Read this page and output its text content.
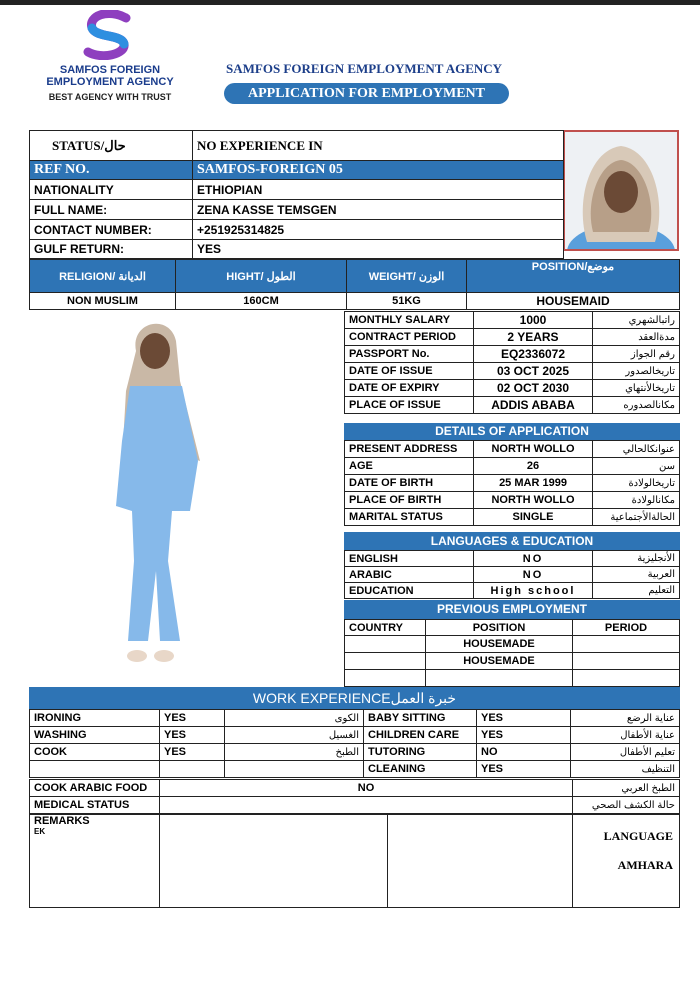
SAMFOS FOREIGN
EMPLOYMENT AGENCY
BEST AGENCY WITH TRUST
SAMFOS FOREIGN EMPLOYMENT AGENCY
APPLICATION FOR EMPLOYMENT
STATUS/حال	NO EXPERIENCE IN
REF NO.	SAMFOS-FOREIGN 05
NATIONALITY	ETHIOPIAN
FULL NAME:	ZENA KASSE TEMSGEN
CONTACT NUMBER:	+251925314825
GULF RETURN:	YES
RELIGION/ الديانة	HIGHT/ الطول	WEIGHT/ الوزن	POSITION/موضع
NON MUSLIM	160CM	51KG	HOUSEMAID
MONTHLY SALARY	1000	راتبالشهري
CONTRACT PERIOD	2 YEARS	مدةالعقد
PASSPORT No.	EQ2336072	رقم الجواز
DATE OF ISSUE	03 OCT 2025	تاريخالصدور
DATE OF EXPIRY	02 OCT 2030	تاريخالأنتهاي
PLACE OF ISSUE	ADDIS ABABA	مكانالصدوره
DETAILS OF APPLICATION
PRESENT ADDRESS	NORTH WOLLO	عنوانكالحالي
AGE	26	سن
DATE OF BIRTH	25 MAR 1999	تاريخالولادة
PLACE OF BIRTH	NORTH WOLLO	مكانالولادة
MARITAL STATUS	SINGLE	الحالةالأجتماعية
LANGUAGES & EDUCATION
ENGLISH	NO	الأنجليزية
ARABIC	NO	العربية
EDUCATION	High school	التعليم
PREVIOUS EMPLOYMENT
COUNTRY	POSITION	PERIOD
	HOUSEMADE	
	HOUSEMADE	

WORK EXPERIENCEخبرة العمل
IRONING	YES	الكوى	BABY SITTING	YES	عناية الرضع
WASHING	YES	الغسيل	CHILDREN CARE	YES	عناية الأطفال
COOK	YES	الطبخ	TUTORING	NO	تعليم الأطفال
			CLEANING	YES	التنظيف
COOK ARABIC FOOD	NO	الطبخ العربي
MEDICAL STATUS		حالة الكشف الصحي
REMARKS
EK			LANGUAGE
AMHARA
